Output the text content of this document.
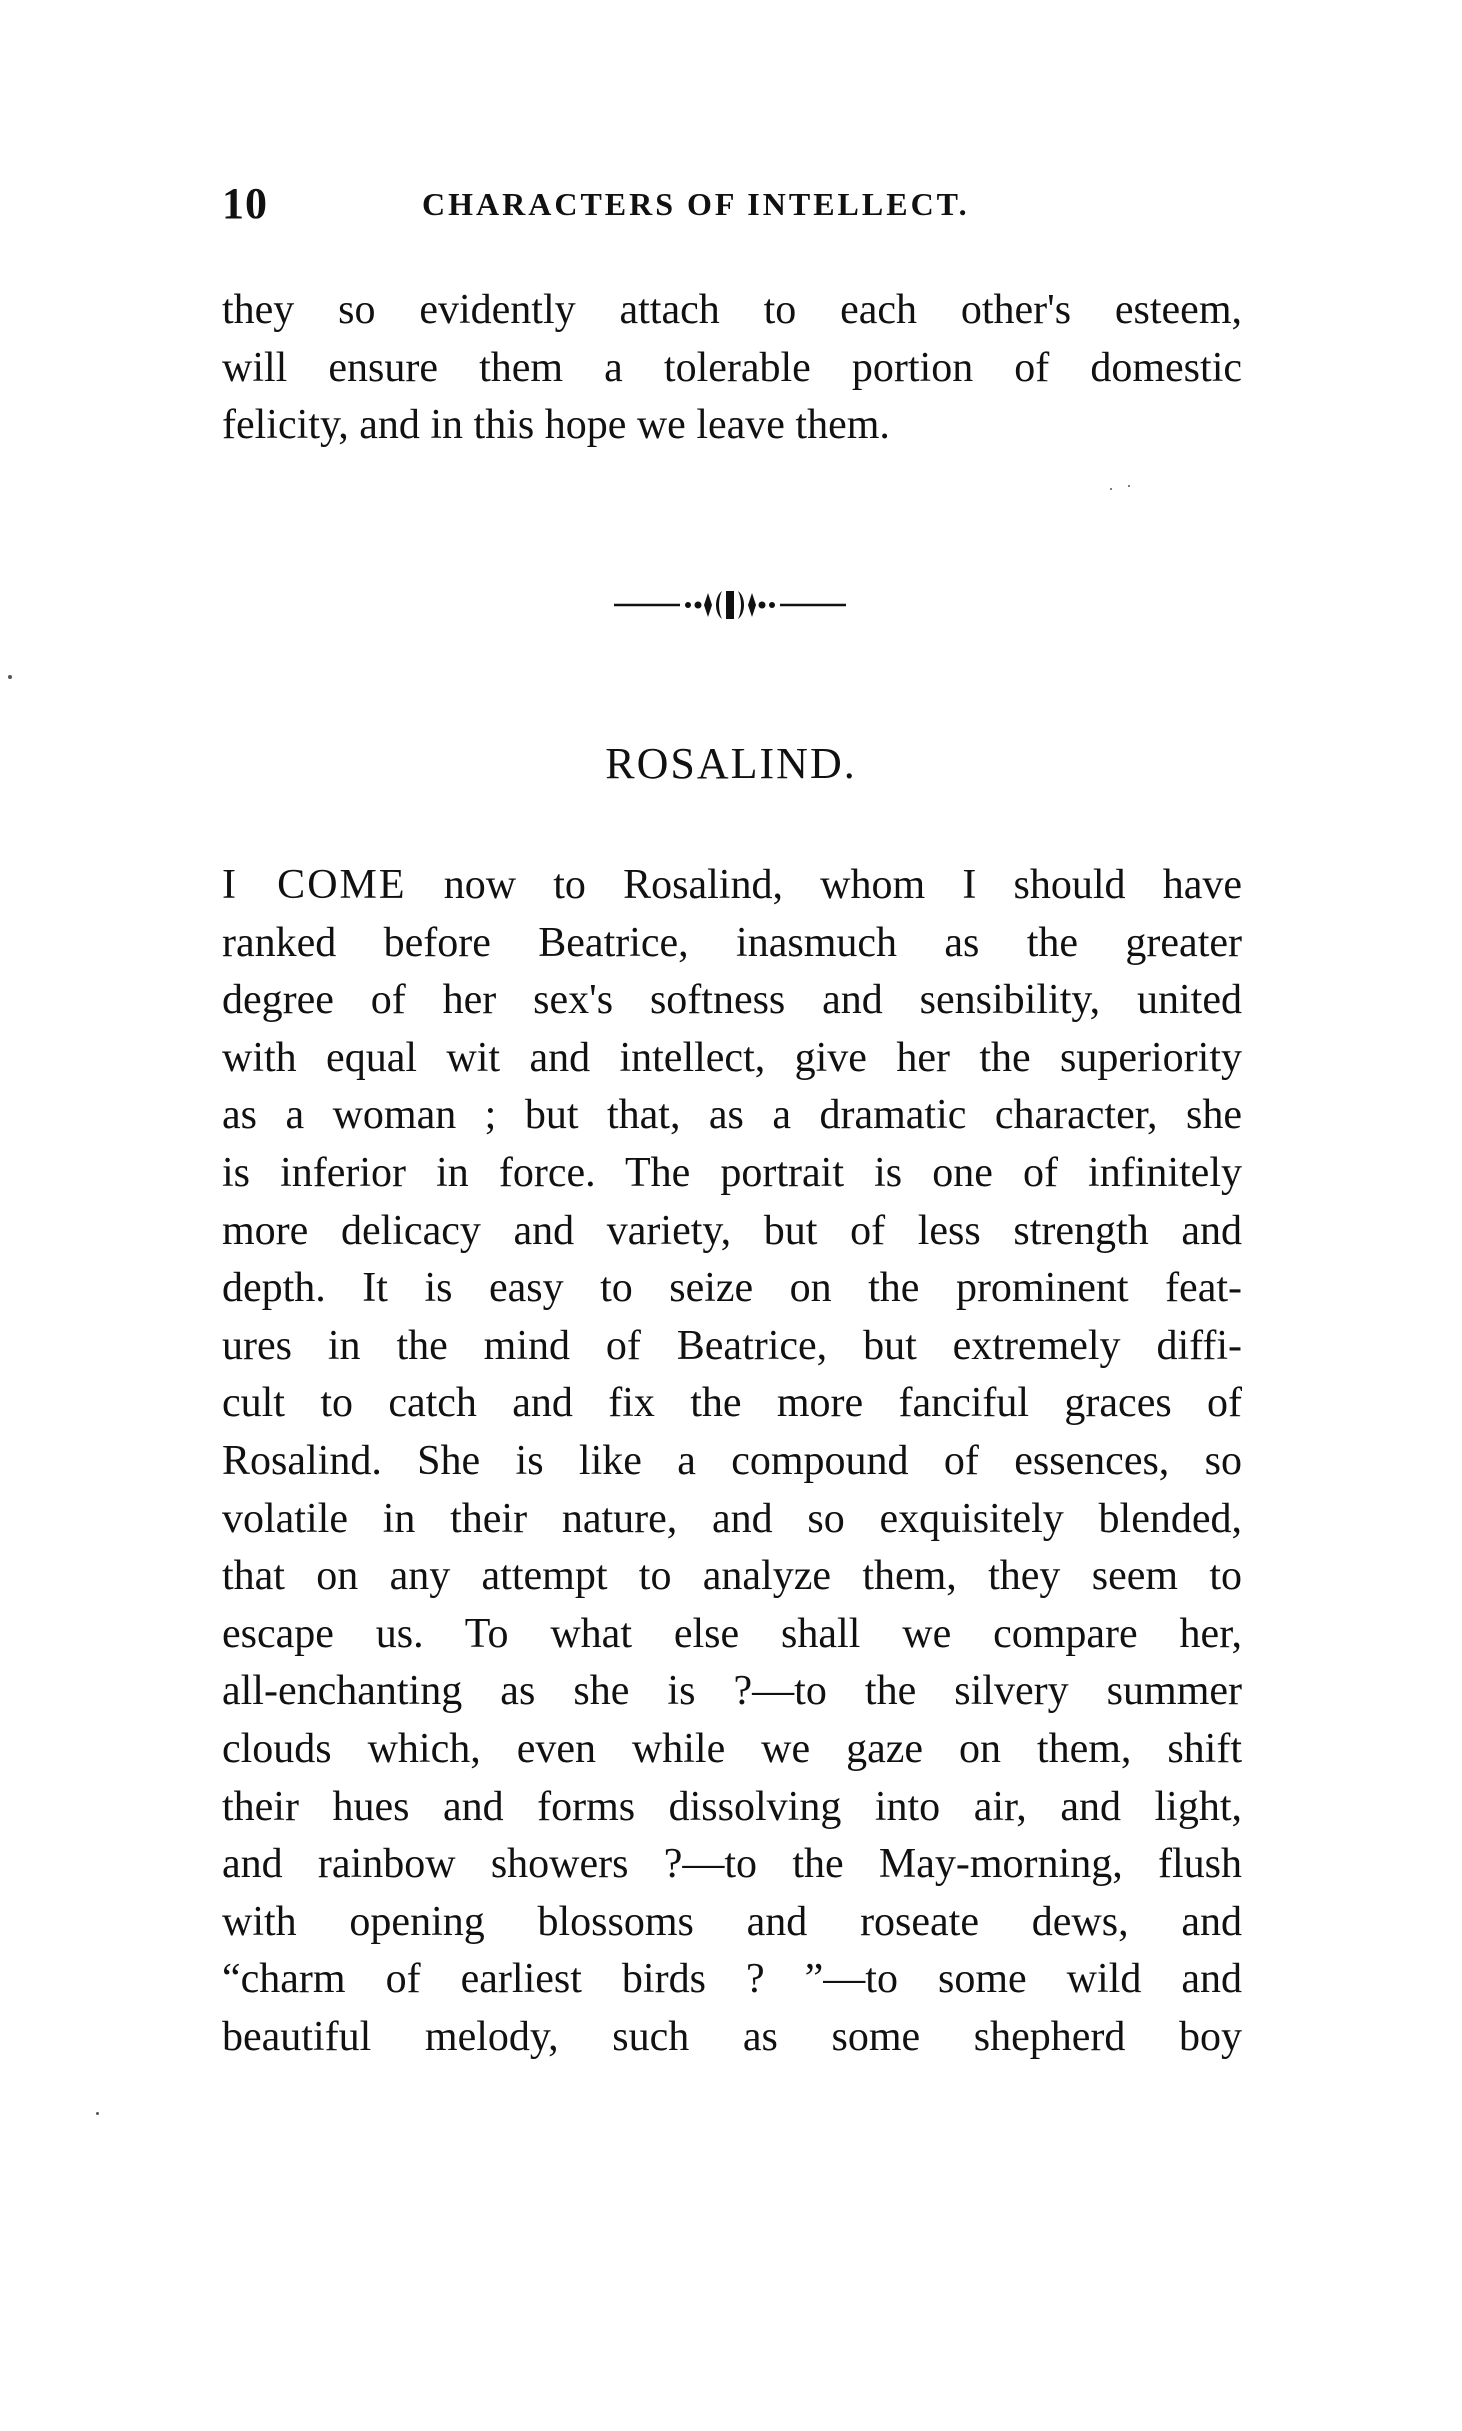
10	CHARACTERS OF INTELLECT.
they so evidently attach to each other's esteem,
will ensure them a tolerable portion of domestic
felicity, and in this hope we leave them.
ROSALIND.
I COME now to Rosalind, whom I should have
ranked before Beatrice, inasmuch as the greater
degree of her sex's softness and sensibility, united
with equal wit and intellect, give her the superiority
as a woman ; but that, as a dramatic character, she
is inferior in force. The portrait is one of infinitely
more delicacy and variety, but of less strength and
depth. It is easy to seize on the prominent feat-
ures in the mind of Beatrice, but extremely diffi-
cult to catch and fix the more fanciful graces of
Rosalind. She is like a compound of essences, so
volatile in their nature, and so exquisitely blended,
that on any attempt to analyze them, they seem to
escape us. To what else shall we compare her,
all-enchanting as she is ?—to the silvery summer
clouds which, even while we gaze on them, shift
their hues and forms dissolving into air, and light,
and rainbow showers ?—to the May-morning, flush
with opening blossoms and roseate dews, and
“charm of earliest birds ? ”—to some wild and
beautiful melody, such as some shepherd boy
